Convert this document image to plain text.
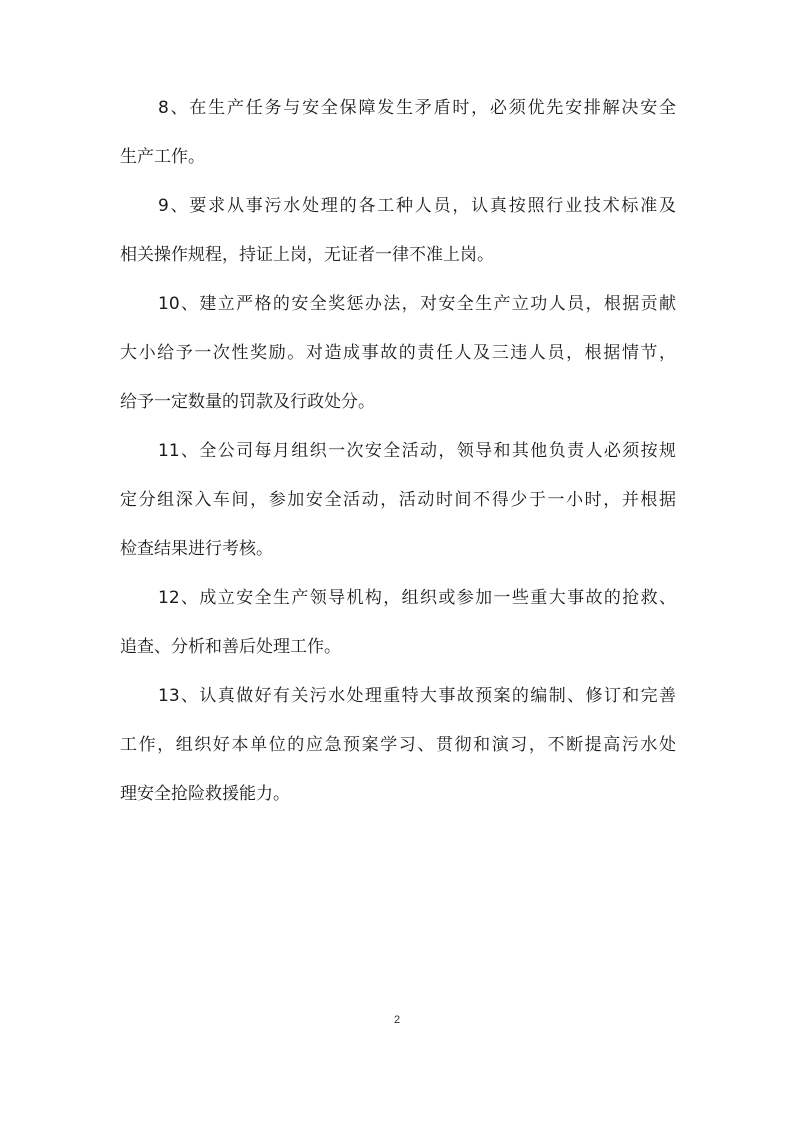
8、在生产任务与安全保障发生矛盾时，必须优先安排解决安全
生产工作。
9、要求从事污水处理的各工种人员，认真按照行业技术标准及
相关操作规程，持证上岗，无证者一律不准上岗。
10、建立严格的安全奖惩办法，对安全生产立功人员，根据贡献
大小给予一次性奖励。对造成事故的责任人及三违人员，根据情节，
给予一定数量的罚款及行政处分。
11、全公司每月组织一次安全活动，领导和其他负责人必须按规
定分组深入车间，参加安全活动，活动时间不得少于一小时，并根据
检查结果进行考核。
12、成立安全生产领导机构，组织或参加一些重大事故的抢救、
追查、分析和善后处理工作。
13、认真做好有关污水处理重特大事故预案的编制、修订和完善
工作，组织好本单位的应急预案学习、贯彻和演习，不断提高污水处
理安全抢险救援能力。
2
